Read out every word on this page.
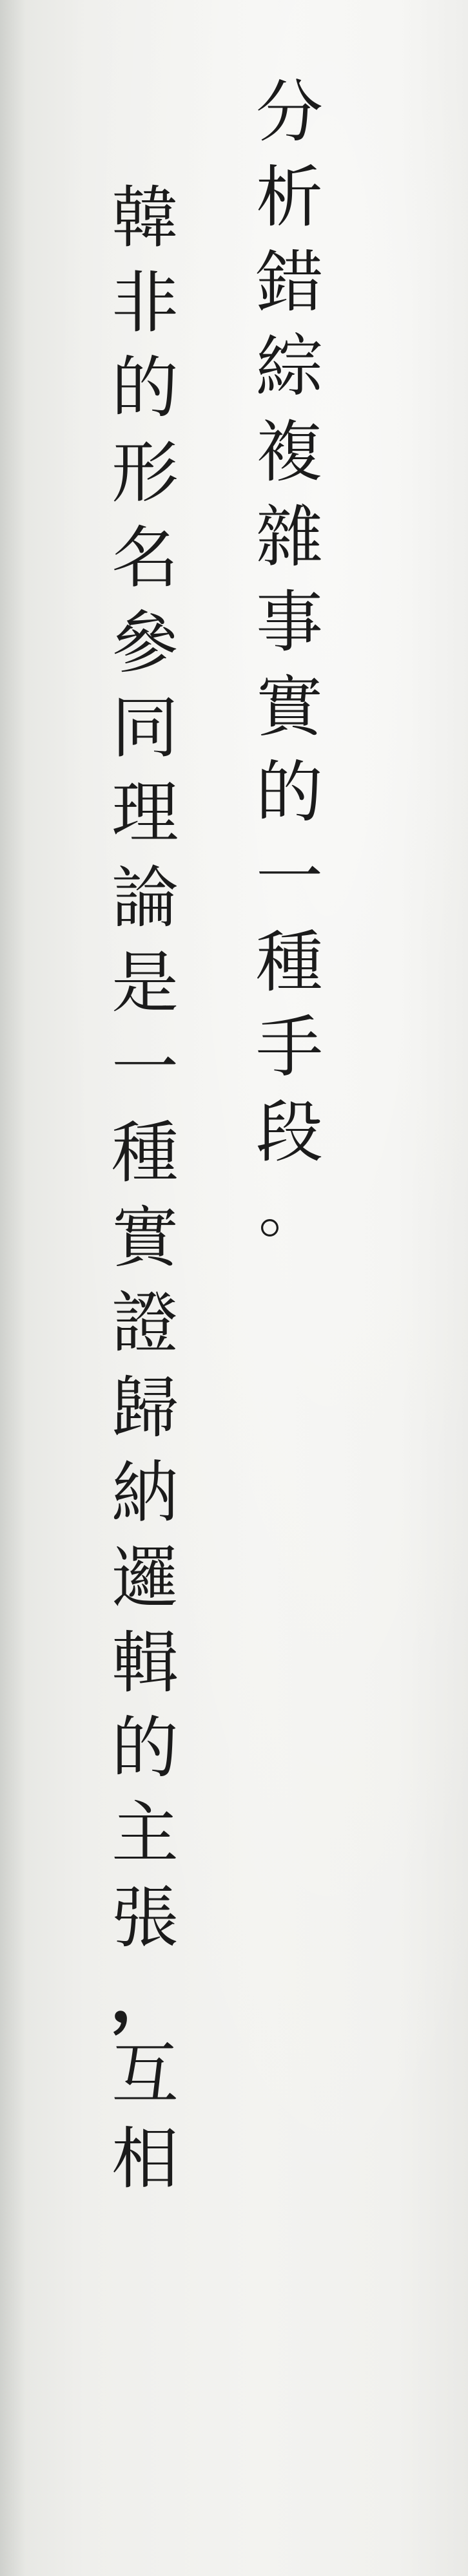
分
析
錯
綜
複
雜
事
實
的
一
種
手
段
。
韓
非
的
形
名
參
同
理
論
是
一
種
實
證
歸
納
邏
輯
的
主
張
，
互
相
